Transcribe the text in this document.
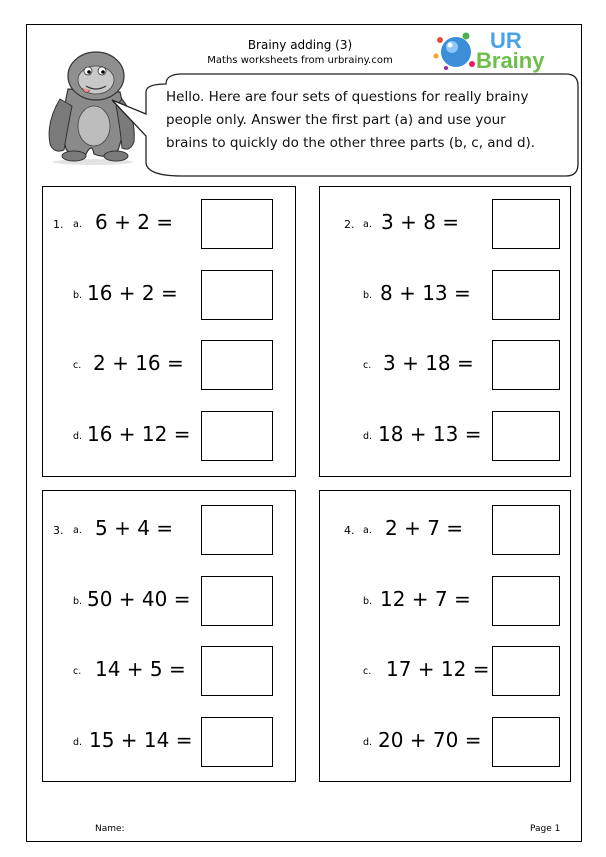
Brainy adding (3)
Maths worksheets from urbrainy.com
UR
Brainy
Hello. Here are four sets of questions for really brainy
people only. Answer the first part (a) and use your
brains to quickly do the other three parts (b, c, and d).
1. a. 6 + 2 =
b. 16 + 2 =
c. 2 + 16 =
d. 16 + 12 =
2. a. 3 + 8 =
b. 8 + 13 =
c. 3 + 18 =
d. 18 + 13 =
3. a. 5 + 4 =
b. 50 + 40 =
c. 14 + 5 =
d. 15 + 14 =
4. a. 2 + 7 =
b. 12 + 7 =
c. 17 + 12 =
d. 20 + 70 =
Name:	Page 1
